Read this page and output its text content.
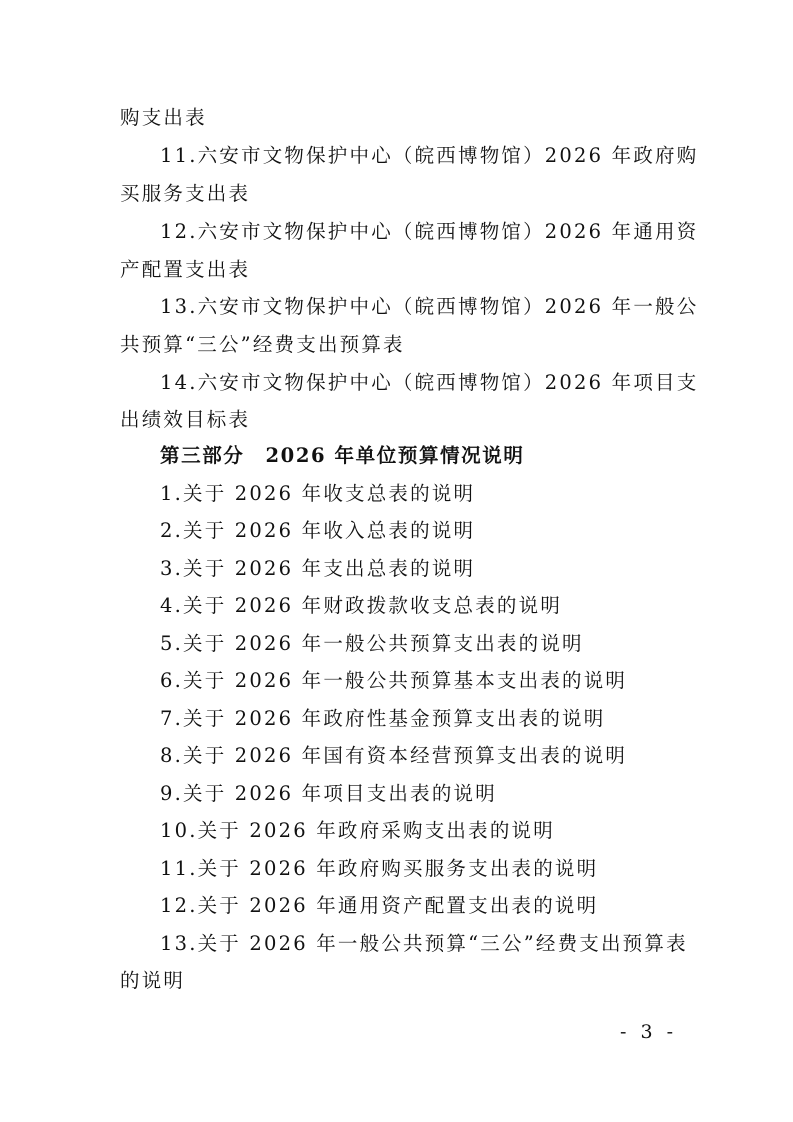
购支出表
11.六安市文物保护中心（皖西博物馆）2026 年政府购
买服务支出表
12.六安市文物保护中心（皖西博物馆）2026 年通用资
产配置支出表
13.六安市文物保护中心（皖西博物馆）2026 年一般公
共预算“三公”经费支出预算表
14.六安市文物保护中心（皖西博物馆）2026 年项目支
出绩效目标表
第三部分　2026 年单位预算情况说明
1.关于 2026 年收支总表的说明
2.关于 2026 年收入总表的说明
3.关于 2026 年支出总表的说明
4.关于 2026 年财政拨款收支总表的说明
5.关于 2026 年一般公共预算支出表的说明
6.关于 2026 年一般公共预算基本支出表的说明
7.关于 2026 年政府性基金预算支出表的说明
8.关于 2026 年国有资本经营预算支出表的说明
9.关于 2026 年项目支出表的说明
10.关于 2026 年政府采购支出表的说明
11.关于 2026 年政府购买服务支出表的说明
12.关于 2026 年通用资产配置支出表的说明
13.关于 2026 年一般公共预算“三公”经费支出预算表
的说明
- 3 -
